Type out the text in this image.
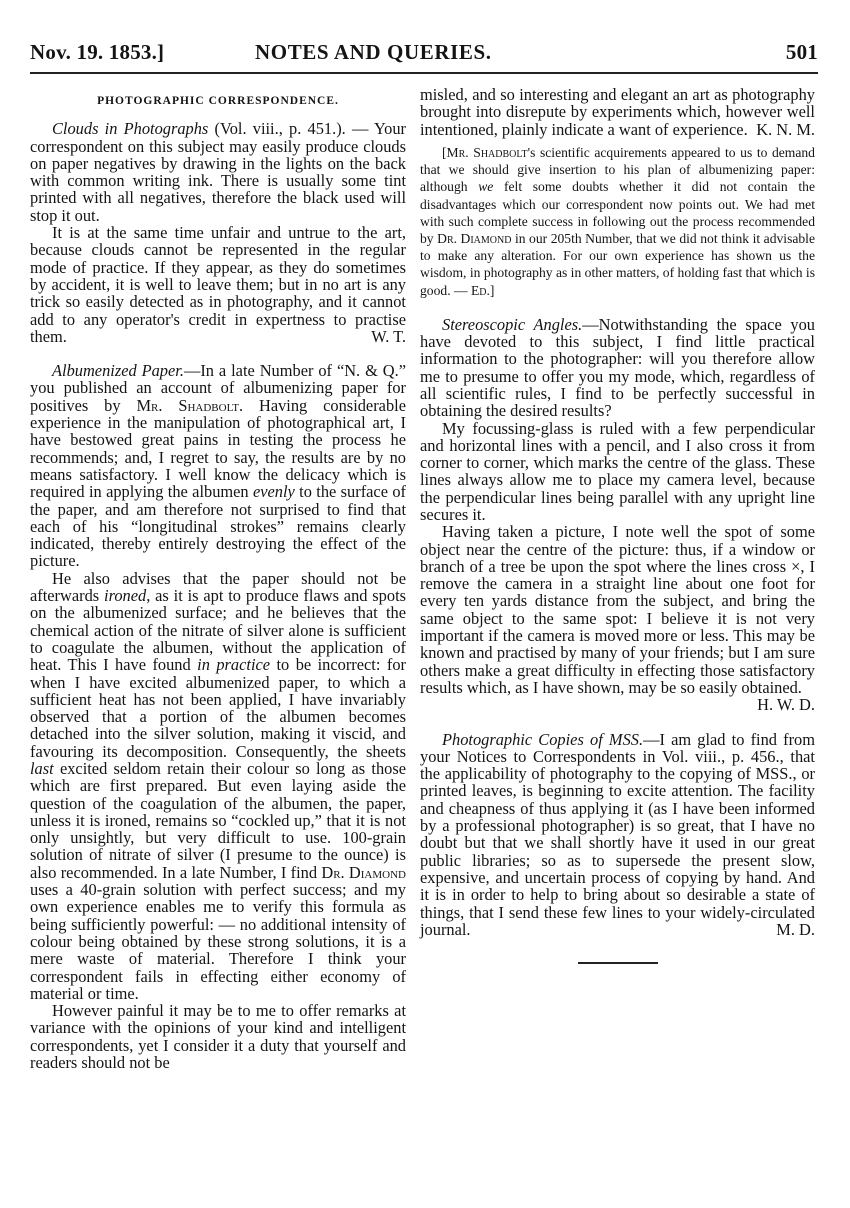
Nov. 19. 1853.]	NOTES AND QUERIES.	501

PHOTOGRAPHIC CORRESPONDENCE.

Clouds in Photographs (Vol. viii., p. 451.). — Your correspondent on this subject may easily produce clouds on paper negatives by drawing in the lights on the back with common writing ink. There is usually some tint printed with all negatives, therefore the black used will stop it out.

It is at the same time unfair and untrue to the art, because clouds cannot be represented in the regular mode of practice. If they appear, as they do sometimes by accident, it is well to leave them; but in no art is any trick so easily detected as in photography, and it cannot add to any operator's credit in expertness to practise them.	W. T.

Albumenized Paper.—In a late Number of “N. & Q.” you published an account of albumenizing paper for positives by Mr. Shadbolt. Having considerable experience in the manipulation of photographical art, I have bestowed great pains in testing the process he recommends; and, I regret to say, the results are by no means satisfactory. I well know the delicacy which is required in applying the albumen evenly to the surface of the paper, and am therefore not surprised to find that each of his “longitudinal strokes” remains clearly indicated, thereby entirely destroying the effect of the picture.

He also advises that the paper should not be afterwards ironed, as it is apt to produce flaws and spots on the albumenized surface; and he believes that the chemical action of the nitrate of silver alone is sufficient to coagulate the albumen, without the application of heat. This I have found in practice to be incorrect: for when I have excited albumenized paper, to which a sufficient heat has not been applied, I have invariably observed that a portion of the albumen becomes detached into the silver solution, making it viscid, and favouring its decomposition. Consequently, the sheets last excited seldom retain their colour so long as those which are first prepared. But even laying aside the question of the coagulation of the albumen, the paper, unless it is ironed, remains so “cockled up,” that it is not only unsightly, but very difficult to use. 100-grain solution of nitrate of silver (I presume to the ounce) is also recommended. In a late Number, I find Dr. Diamond uses a 40-grain solution with perfect success; and my own experience enables me to verify this formula as being sufficiently powerful: — no additional intensity of colour being obtained by these strong solutions, it is a mere waste of material. Therefore I think your correspondent fails in effecting either economy of material or time.

However painful it may be to me to offer remarks at variance with the opinions of your kind and intelligent correspondents, yet I consider it a duty that yourself and readers should not be

misled, and so interesting and elegant an art as photography brought into disrepute by experiments which, however well intentioned, plainly indicate a want of experience. K. N. M.

[Mr. Shadbolt's scientific acquirements appeared to us to demand that we should give insertion to his plan of albumenizing paper: although we felt some doubts whether it did not contain the disadvantages which our correspondent now points out. We had met with such complete success in following out the process recommended by Dr. Diamond in our 205th Number, that we did not think it advisable to make any alteration. For our own experience has shown us the wisdom, in photography as in other matters, of holding fast that which is good. — Ed.]

Stereoscopic Angles.—Notwithstanding the space you have devoted to this subject, I find little practical information to the photographer: will you therefore allow me to presume to offer you my mode, which, regardless of all scientific rules, I find to be perfectly successful in obtaining the desired results?

My focussing-glass is ruled with a few perpendicular and horizontal lines with a pencil, and I also cross it from corner to corner, which marks the centre of the glass. These lines always allow me to place my camera level, because the perpendicular lines being parallel with any upright line secures it.

Having taken a picture, I note well the spot of some object near the centre of the picture: thus, if a window or branch of a tree be upon the spot where the lines cross ×, I remove the camera in a straight line about one foot for every ten yards distance from the subject, and bring the same object to the same spot: I believe it is not very important if the camera is moved more or less. This may be known and practised by many of your friends; but I am sure others make a great difficulty in effecting those satisfactory results which, as I have shown, may be so easily obtained.

H. W. D.

Photographic Copies of MSS.—I am glad to find from your Notices to Correspondents in Vol. viii., p. 456., that the applicability of photography to the copying of MSS., or printed leaves, is beginning to excite attention. The facility and cheapness of thus applying it (as I have been informed by a professional photographer) is so great, that I have no doubt but that we shall shortly have it used in our great public libraries; so as to supersede the present slow, expensive, and uncertain process of copying by hand. And it is in order to help to bring about so desirable a state of things, that I send these few lines to your widely-circulated journal.	M. D.
